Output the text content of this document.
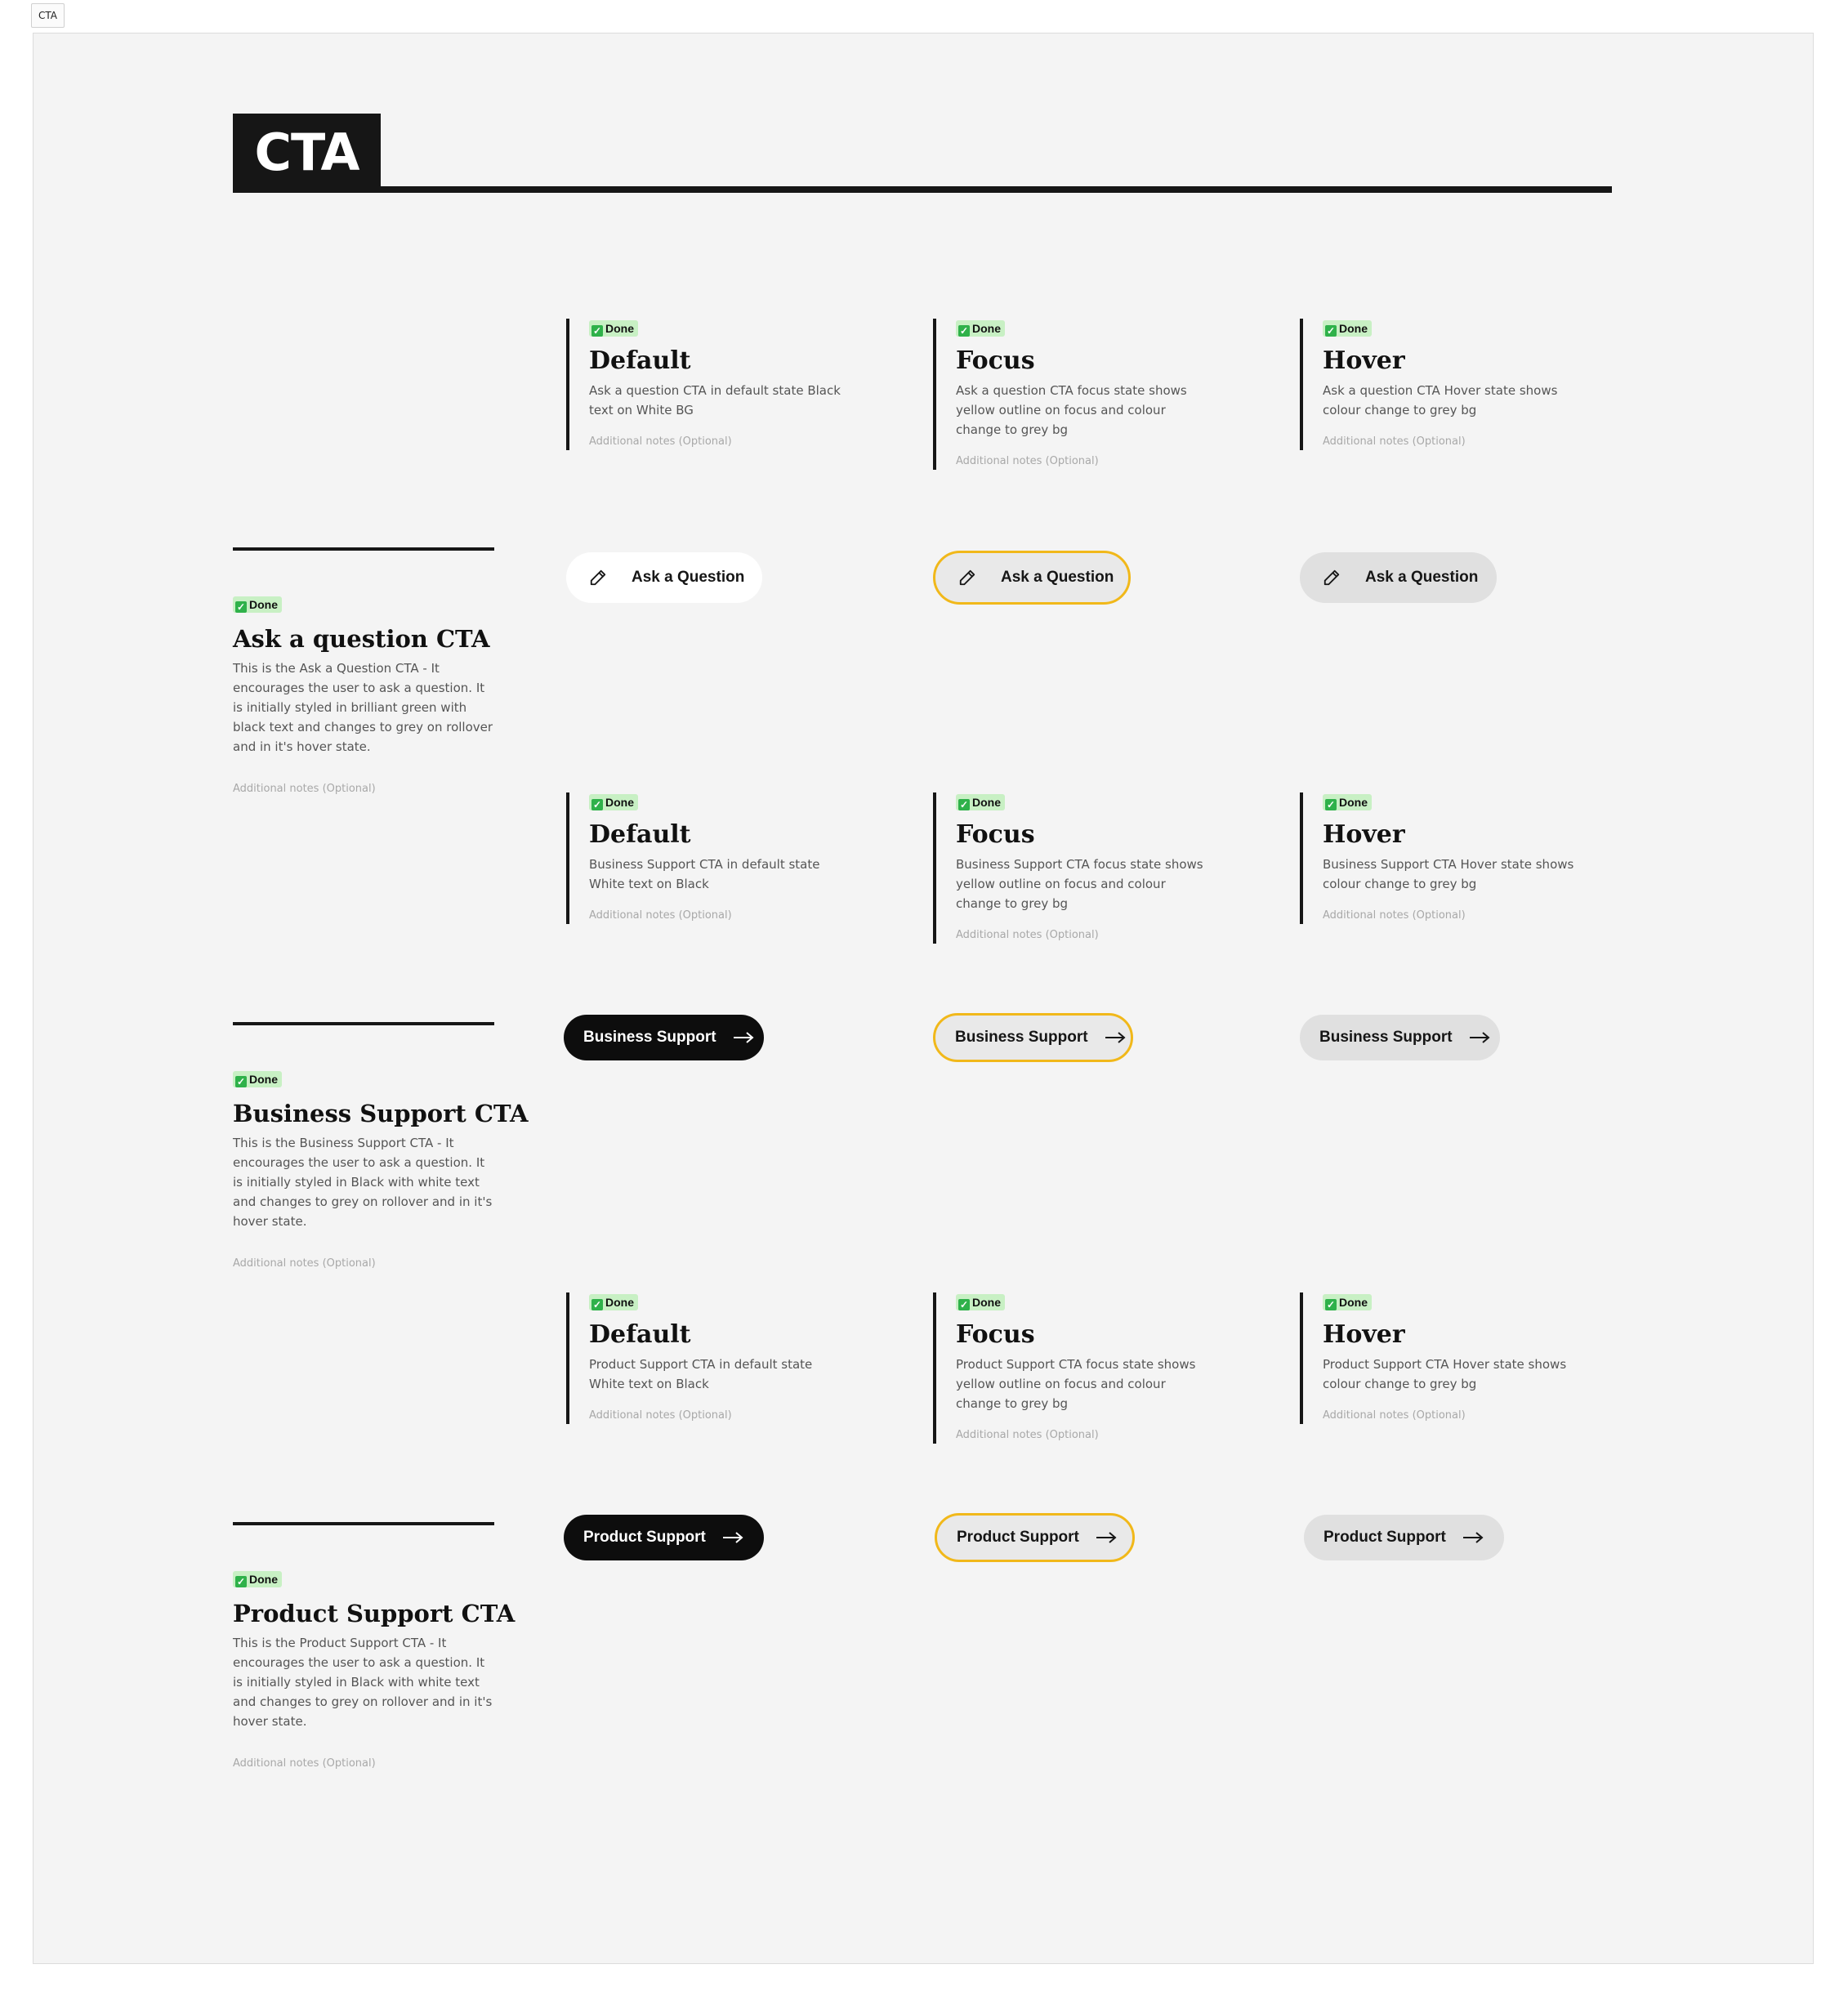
CTA
CTA
✓ Done
Default

Ask a question CTA in default state Black text on White BG

Additional notes (Optional)
✓ Done
Focus

Ask a question CTA focus state shows yellow outline on focus and colour change to grey bg

Additional notes (Optional)
✓ Done
Hover

Ask a question CTA Hover state shows colour change to grey bg

Additional notes (Optional)
✓ Done
Ask a question CTA

This is the Ask a Question CTA - It encourages the user to ask a question. It is initially styled in brilliant green with black text and changes to grey on rollover and in it's hover state.

Additional notes (Optional)
Ask a Question	Ask a Question	Ask a Question
✓ Done
Default

Business Support CTA in default state White text on Black

Additional notes (Optional)
✓ Done
Focus

Business Support CTA focus state shows yellow outline on focus and colour change to grey bg

Additional notes (Optional)
✓ Done
Hover

Business Support CTA Hover state shows colour change to grey bg

Additional notes (Optional)
✓ Done
Business Support CTA

This is the Business Support CTA - It encourages the user to ask a question. It is initially styled in Black with white text and changes to grey on rollover and in it's hover state.

Additional notes (Optional)
Business Support	Business Support	Business Support
✓ Done
Default

Product Support CTA in default state White text on Black

Additional notes (Optional)
✓ Done
Focus

Product Support CTA focus state shows yellow outline on focus and colour change to grey bg

Additional notes (Optional)
✓ Done
Hover

Product Support CTA Hover state shows colour change to grey bg

Additional notes (Optional)
✓ Done
Product Support CTA

This is the Product Support CTA - It encourages the user to ask a question. It is initially styled in Black with white text and changes to grey on rollover and in it's hover state.

Additional notes (Optional)
Product Support	Product Support	Product Support
